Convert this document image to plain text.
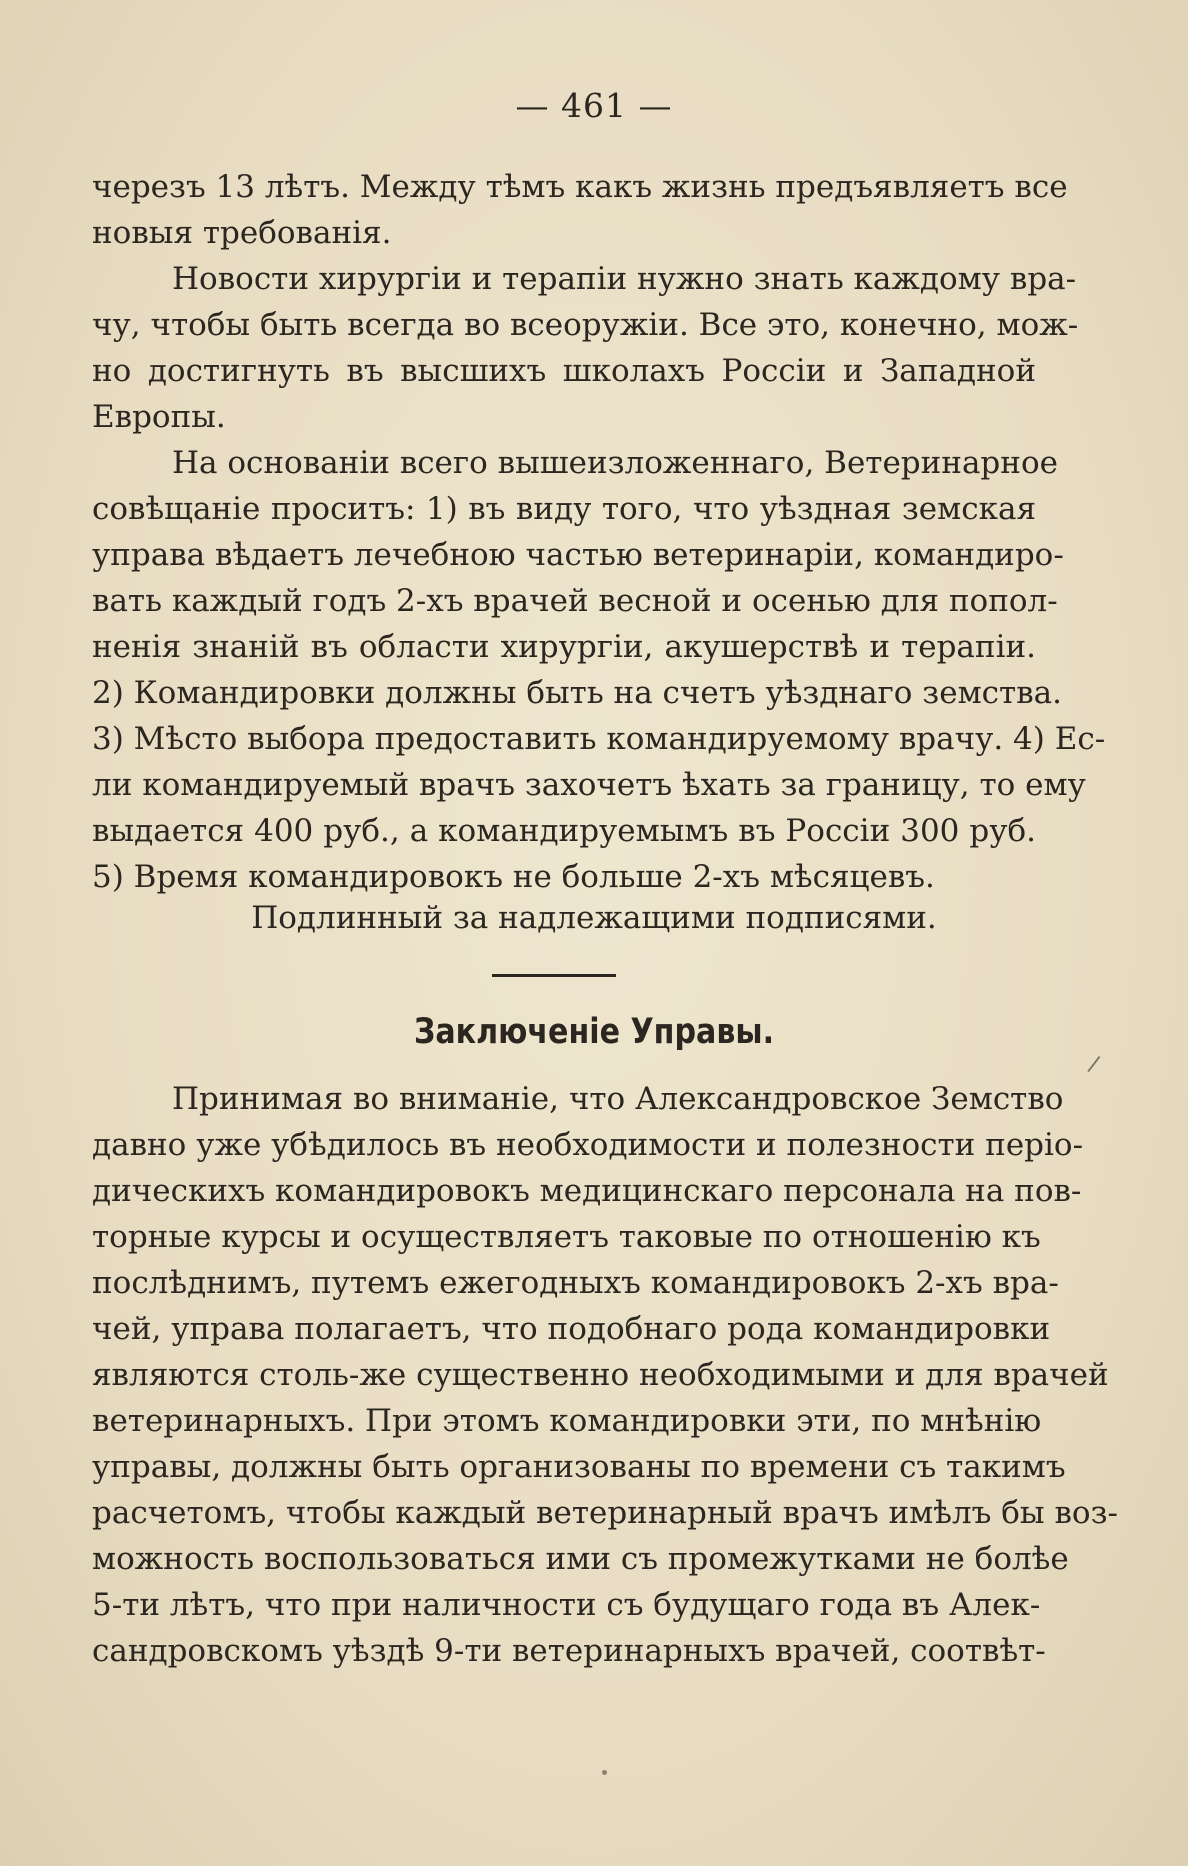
— 461 —
черезъ 13 лѣтъ. Между тѣмъ какъ жизнь предъявляетъ все
новыя требованія.
Новости хирургіи и терапіи нужно знать каждому вра-
чу, чтобы быть всегда во всеоружіи. Все это, конечно, мож-
но достигнуть въ высшихъ школахъ Россіи и Западной
Европы.
На основаніи всего вышеизложеннаго, Ветеринарное
совѣщаніе проситъ: 1) въ виду того, что уѣздная земская
управа вѣдаетъ лечебною частью ветеринаріи, командиро-
вать каждый годъ 2-хъ врачей весной и осенью для попол-
ненія знаній въ области хирургіи, акушерствѣ и терапіи.
2) Командировки должны быть на счетъ уѣзднаго земства.
3) Мѣсто выбора предоставить командируемому врачу. 4) Ес-
ли командируемый врачъ захочетъ ѣхать за границу, то ему
выдается 400 руб., а командируемымъ въ Россіи 300 руб.
5) Время командировокъ не больше 2-хъ мѣсяцевъ.
Подлинный за надлежащими подписями.
Заключеніе Управы.
/
Принимая во вниманіе, что Александровское Земство
давно уже убѣдилось въ необходимости и полезности періо-
дическихъ командировокъ медицинскаго персонала на пов-
торные курсы и осуществляетъ таковые по отношенію къ
послѣднимъ, путемъ ежегодныхъ командировокъ 2-хъ вра-
чей, управа полагаетъ, что подобнаго рода командировки
являются столь-же существенно необходимыми и для врачей
ветеринарныхъ. При этомъ командировки эти, по мнѣнію
управы, должны быть организованы по времени съ такимъ
расчетомъ, чтобы каждый ветеринарный врачъ имѣлъ бы воз-
можность воспользоваться ими съ промежутками не болѣе
5-ти лѣтъ, что при наличности съ будущаго года въ Алек-
сандровскомъ уѣздѣ 9-ти ветеринарныхъ врачей, соотвѣт-
